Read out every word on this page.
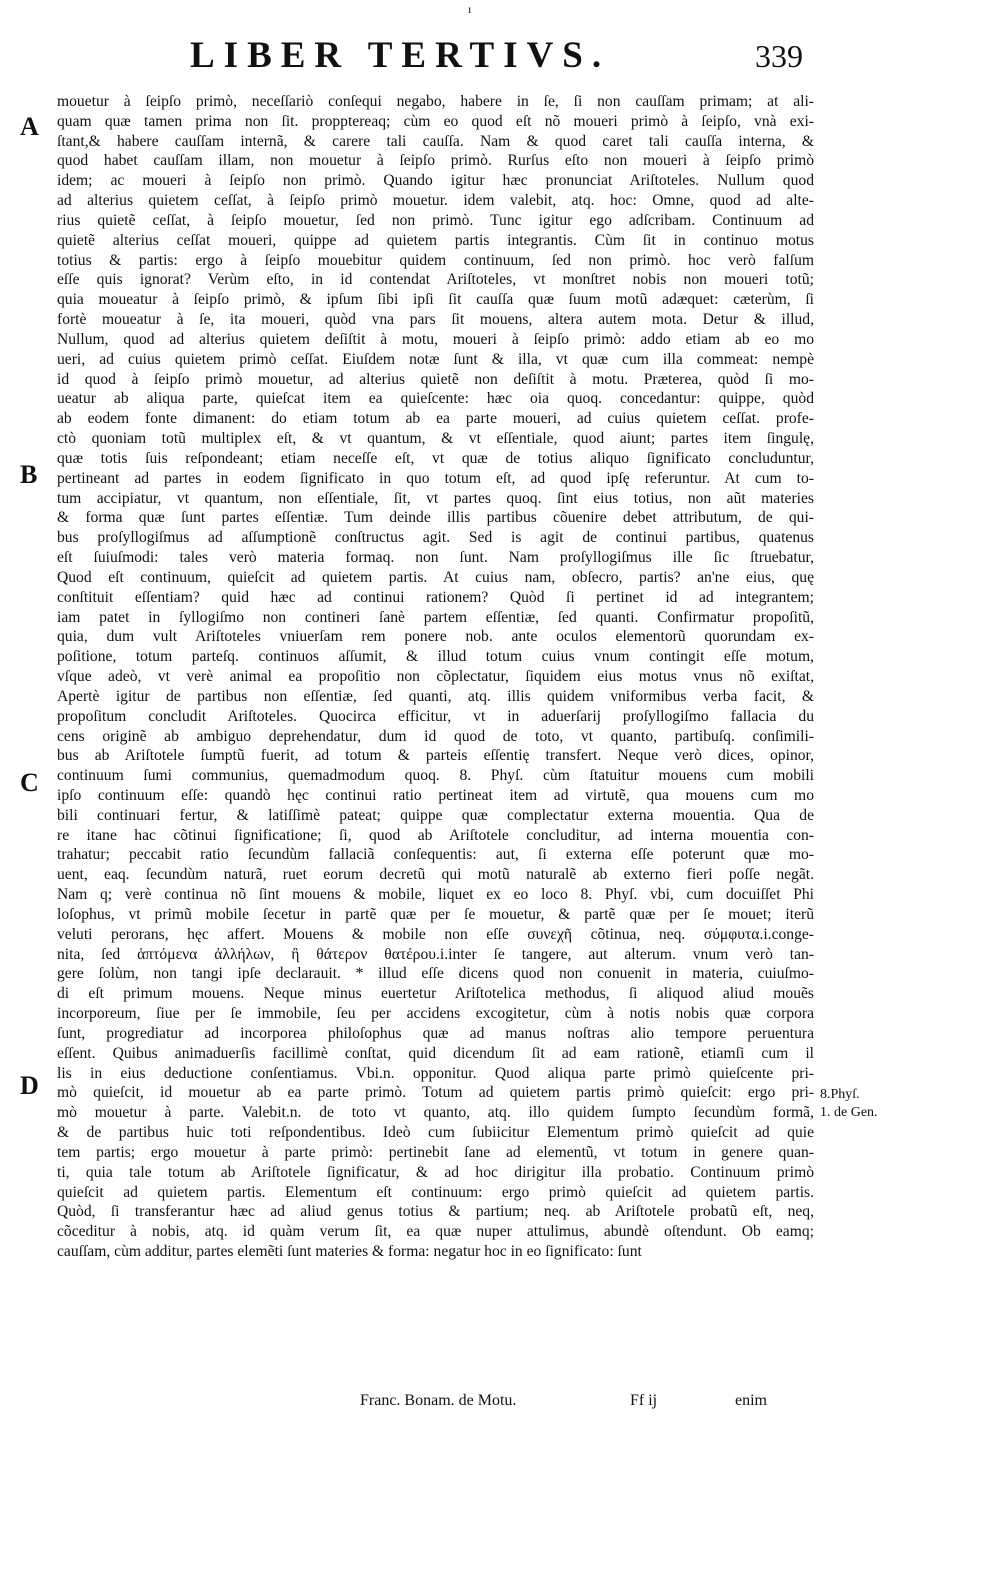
ı
LIBER TERTIVS.	339
A
B
C
D	8.Phyſ.
1. de Gen.
mouetur à ſeipſo primò, neceſſariò conſequi negabo, habere in ſe, ſi non cauſſam primam; at ali-
quam quæ tamen prima non ſit. propptereaq; cùm eo quod eſt nõ moueri primò à ſeipſo, vnà exi-
ſtant,& habere cauſſam internã, & carere tali cauſſa. Nam & quod caret tali cauſſa interna, &
quod habet cauſſam illam, non mouetur à ſeipſo primò. Rurſus eſto non moueri à ſeipſo primò
idem; ac moueri à ſeipſo non primò. Quando igitur hæc pronunciat Ariſtoteles. Nullum quod
ad alterius quietem ceſſat, à ſeipſo primò mouetur. idem valebit, atq. hoc: Omne, quod ad alte-
rius quietẽ ceſſat, à ſeipſo mouetur, ſed non primò. Tunc igitur ego adſcribam. Continuum ad
quietẽ alterius ceſſat moueri, quippe ad quietem partis integrantis. Cùm ſit in continuo motus
totius & partis: ergo à ſeipſo mouebitur quidem continuum, ſed non primò. hoc verò falſum
eſſe quis ignorat? Verùm eſto, in id contendat Ariſtoteles, vt monſtret nobis non moueri totũ;
quia moueatur à ſeipſo primò, & ipſum ſibi ipſi ſit cauſſa quæ ſuum motũ adæquet: cæterùm, ſi
fortè moueatur à ſe, ita moueri, quòd vna pars ſit mouens, altera autem mota. Detur & illud,
Nullum, quod ad alterius quietem deſiſtit à motu, moueri à ſeipſo primò: addo etiam ab eo mo
ueri, ad cuius quietem primò ceſſat. Eiuſdem notæ ſunt & illa, vt quæ cum illa commeat: nempè
id quod à ſeipſo primò mouetur, ad alterius quietẽ non deſiſtit à motu. Præterea, quòd ſi mo-
ueatur ab aliqua parte, quieſcat item ea quieſcente: hæc oia quoq. concedantur: quippe, quòd
ab eodem fonte dimanent: do etiam totum ab ea parte moueri, ad cuius quietem ceſſat. profe-
ctò quoniam totũ multiplex eſt, & vt quantum, & vt eſſentiale, quod aiunt; partes item ſingulę,
quæ totis ſuis reſpondeant; etiam neceſſe eſt, vt quæ de totius aliquo ſignificato concluduntur,
pertineant ad partes in eodem ſignificato in quo totum eſt, ad quod ipſę referuntur. At cum to-
tum accipiatur, vt quantum, non eſſentiale, ſit, vt partes quoq. ſint eius totius, non aũt materies
& forma quæ ſunt partes eſſentiæ. Tum deinde illis partibus cõuenire debet attributum, de qui-
bus proſyllogiſmus ad aſſumptionẽ conſtructus agit. Sed is agit de continui partibus, quatenus
eſt ſuiuſmodi: tales verò materia formaq. non ſunt. Nam proſyllogiſmus ille ſic ſtruebatur,
Quod eſt continuum, quieſcit ad quietem partis. At cuius nam, obſecro, partis? an'ne eius, quę
conſtituit eſſentiam? quid hæc ad continui rationem? Quòd ſi pertinet id ad integrantem;
iam patet in ſyllogiſmo non contineri ſanè partem eſſentiæ, ſed quanti. Confirmatur propoſitũ,
quia, dum vult Ariſtoteles vniuerſam rem ponere nob. ante oculos elementorũ quorundam ex-
poſitione, totum parteſq. continuos aſſumit, & illud totum cuius vnum contingit eſſe motum,
vſque adeò, vt verè animal ea propoſitio non cõplectatur, ſiquidem eius motus vnus nõ exiſtat,
Apertè igitur de partibus non eſſentiæ, ſed quanti, atq. illis quidem vniformibus verba facit, &
propoſitum concludit Ariſtoteles. Quocirca efficitur, vt in aduerſarij proſyllogiſmo fallacia du
cens originẽ ab ambiguo deprehendatur, dum id quod de toto, vt quanto, partibuſq. conſimili-
bus ab Ariſtotele ſumptũ fuerit, ad totum & parteis eſſentię transfert. Neque verò dices, opinor,
continuum ſumi communius, quemadmodum quoq. 8. Phyſ. cùm ſtatuitur mouens cum mobili
ipſo continuum eſſe: quandò hęc continui ratio pertineat item ad virtutẽ, qua mouens cum mo
bili continuari fertur, & latiſſimè pateat; quippe quæ complectatur externa mouentia. Qua de
re itane hac cõtinui ſignificatione; ſi, quod ab Ariſtotele concluditur, ad interna mouentia con-
trahatur; peccabit ratio ſecundùm fallaciã conſequentis: aut, ſi externa eſſe poterunt quæ mo-
uent, eaq. ſecundùm naturã, ruet eorum decretũ qui motũ naturalẽ ab externo fieri poſſe negãt.
Nam q; verè continua nõ ſint mouens & mobile, liquet ex eo loco 8. Phyſ. vbi, cum docuiſſet Phi
loſophus, vt primũ mobile ſecetur in partẽ quæ per ſe mouetur, & partẽ quæ per ſe mouet; iterũ
veluti perorans, hęc affert. Mouens & mobile non eſſe συνεχῆ cõtinua, neq. σύμφυτα.i.conge-
nita, ſed ἁπτόμενα ἀλλήλων, ἢ θάτερον θατέρου.i.inter ſe tangere, aut alterum. vnum verò tan-
gere ſolùm, non tangi ipſe declarauit. * illud eſſe dicens quod non conuenit in materia, cuiuſmo-
di eſt primum mouens. Neque minus euertetur Ariſtotelica methodus, ſi aliquod aliud mouẽs
incorporeum, ſiue per ſe immobile, ſeu per accidens excogitetur, cùm à notis nobis quæ corpora
ſunt, progrediatur ad incorporea philoſophus quæ ad manus noſtras alio tempore peruentura
eſſent. Quibus animaduerſis facillimè conſtat, quid dicendum ſit ad eam rationẽ, etiamſi cum il
lis in eius deductione conſentiamus. Vbi.n. opponitur. Quod aliqua parte primò quieſcente pri-
mò quieſcit, id mouetur ab ea parte primò. Totum ad quietem partis primò quieſcit: ergo pri-
mò mouetur à parte. Valebit.n. de toto vt quanto, atq. illo quidem ſumpto ſecundùm formã,
& de partibus huic toti reſpondentibus. Ideò cum ſubiicitur Elementum primò quieſcit ad quie
tem partis; ergo mouetur à parte primò: pertinebit ſane ad elementũ, vt totum in genere quan-
ti, quia tale totum ab Ariſtotele ſignificatur, & ad hoc dirigitur illa probatio. Continuum primò
quieſcit ad quietem partis. Elementum eſt continuum: ergo primò quieſcit ad quietem partis.
Quòd, ſi transferantur hæc ad aliud genus totius & partium; neq. ab Ariſtotele probatũ eſt, neq,
cõceditur à nobis, atq. id quàm verum ſit, ea quæ nuper attulimus, abundè oſtendunt. Ob eamq;
cauſſam, cùm additur, partes elemẽti ſunt materies & forma: negatur hoc in eo ſignificato: ſunt
Franc. Bonam. de Motu.	Ff ij	enim
